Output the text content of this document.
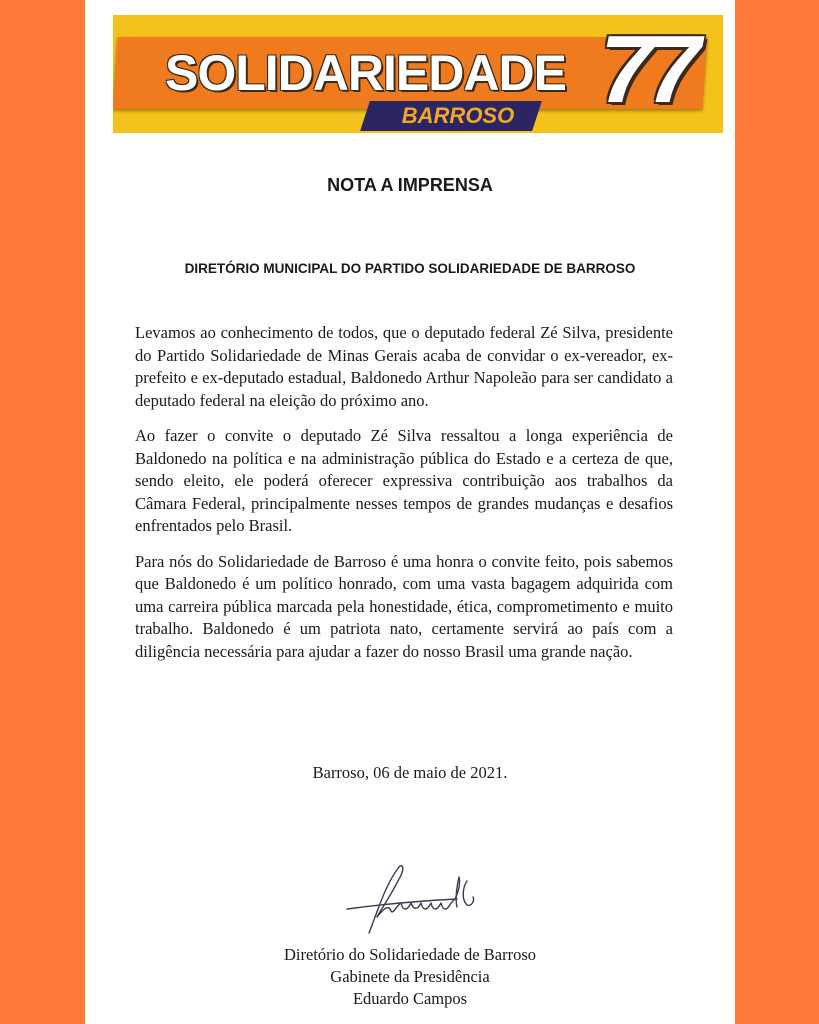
SOLIDARIEDADE 77
BARROSO
NOTA A IMPRENSA
DIRETÓRIO MUNICIPAL DO PARTIDO SOLIDARIEDADE DE BARROSO

Levamos ao conhecimento de todos, que o deputado federal Zé Silva, presidente do Partido Solidariedade de Minas Gerais acaba de convidar o ex-vereador, ex-prefeito e ex-deputado estadual, Baldonedo Arthur Napoleão para ser candidato a deputado federal na eleição do próximo ano.

Ao fazer o convite o deputado Zé Silva ressaltou a longa experiência de Baldonedo na política e na administração pública do Estado e a certeza de que, sendo eleito, ele poderá oferecer expressiva contribuição aos trabalhos da Câmara Federal, principalmente nesses tempos de grandes mudanças e desafios enfrentados pelo Brasil.

Para nós do Solidariedade de Barroso é uma honra o convite feito, pois sabemos que Baldonedo é um político honrado, com uma vasta bagagem adquirida com uma carreira pública marcada pela honestidade, ética, comprometimento e muito trabalho. Baldonedo é um patriota nato, certamente servirá ao país com a diligência necessária para ajudar a fazer do nosso Brasil uma grande nação.

Barroso, 06 de maio de 2021.
Diretório do Solidariedade de Barroso
Gabinete da Presidência
Eduardo Campos
